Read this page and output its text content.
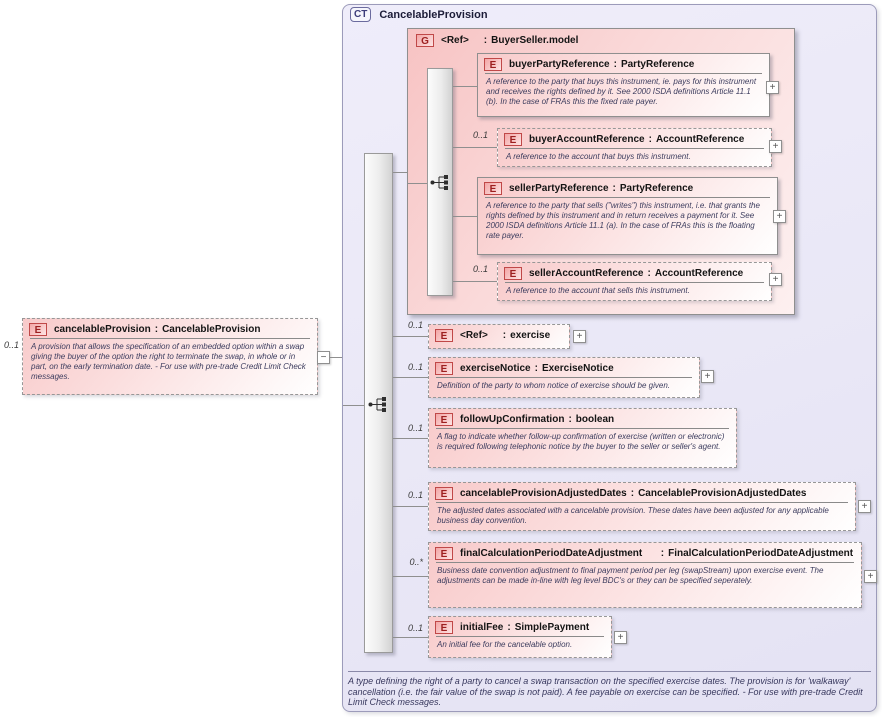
0..1
E	cancelableProvision : CancelableProvision
A provision that allows the specification of an embedded option within a swap giving the buyer of the option the right to terminate the swap, in whole or in part, on the early termination date. - For use with pre-trade Credit Limit Check messages.
−
CT	CancelableProvision
G	<Ref> : BuyerSeller.model
E	buyerPartyReference : PartyReference
A reference to the party that buys this instrument, ie. pays for this instrument and receives the rights defined by it. See 2000 ISDA definitions Article 11.1 (b). In the case of FRAs this the fixed rate payer.
+
0..1	E	buyerAccountReference : AccountReference
A reference to the account that buys this instrument.
+
E	sellerPartyReference : PartyReference
A reference to the party that sells ("writes") this instrument, i.e. that grants the rights defined by this instrument and in return receives a payment for it. See 2000 ISDA definitions Article 11.1 (a). In the case of FRAs this is the floating rate payer.
+
0..1	E	sellerAccountReference : AccountReference
A reference to the account that sells this instrument.
+
0..1
E	<Ref> : exercise	+
0..1	E	exerciseNotice : ExerciseNotice
Definition of the party to whom notice of exercise should be given.
+
0..1
E	followUpConfirmation : boolean
A flag to indicate whether follow-up confirmation of exercise (written or electronic) is required following telephonic notice by the buyer to the seller or seller's agent.
0..1	E	cancelableProvisionAdjustedDates : CancelableProvisionAdjustedDates
The adjusted dates associated with a cancelable provision. These dates have been adjusted for any applicable business day convention.
+
0..*
E	finalCalculationPeriodDateAdjustment	: FinalCalculationPeriodDateAdjustment
Business date convention adjustment to final payment period per leg (swapStream) upon exercise event. The adjustments can be made in-line with leg level BDC's or they can be specified seperately.	+
0..1	E	initialFee : SimplePayment
An initial fee for the cancelable option.
+
A type defining the right of a party to cancel a swap transaction on the specified exercise dates. The provision is for 'walkaway' cancellation (i.e. the fair value of the swap is not paid). A fee payable on exercise can be specified. - For use with pre-trade Credit Limit Check messages.
